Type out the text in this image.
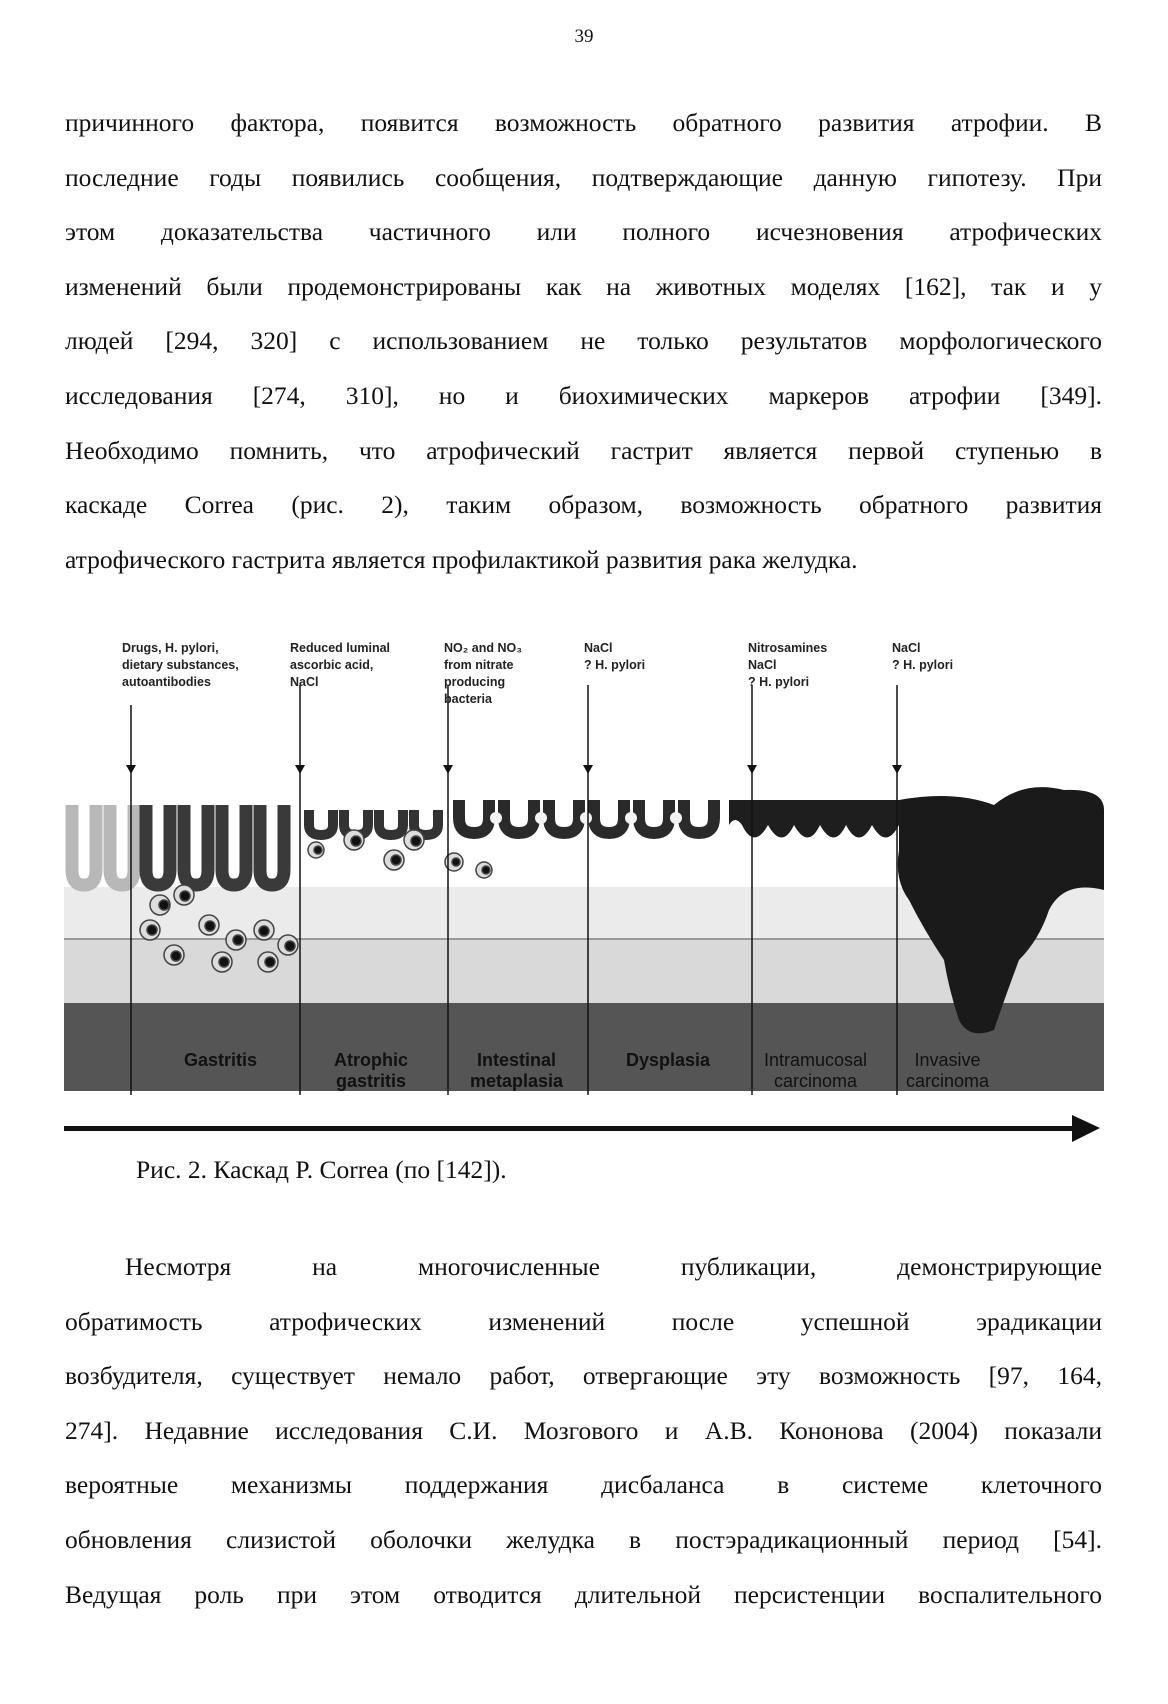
39
причинного фактора, появится возможность обратного развития атрофии. В
последние годы появились сообщения, подтверждающие данную гипотезу. При
этом доказательства частичного или полного исчезновения атрофических
изменений были продемонстрированы как на животных моделях [162], так и у
людей [294, 320] с использованием не только результатов морфологического
исследования [274, 310], но и биохимических маркеров атрофии [349].
Необходимо помнить, что атрофический гастрит является первой ступенью в
каскаде Correa (рис. 2), таким образом, возможность обратного развития
атрофического гастрита является профилактикой развития рака желудка.
Drugs, H. pylori,
dietary substances,
autoantibodies
Reduced luminal
ascorbic acid,
NaCl
NO₂ and NO₃
from nitrate
producing
bacteria
NaCl
? H. pylori
Nitrosamines
NaCl
? H. pylori
NaCl
? H. pylori
Normal	Gastritis	Atrophic
gastritis
Intestinal
metaplasia
Dysplasia	Intramucosal
carcinoma
Invasive
carcinoma
Рис. 2. Каскад P. Correa (по [142]).
Несмотря на многочисленные публикации, демонстрирующие
обратимость атрофических изменений после успешной эрадикации
возбудителя, существует немало работ, отвергающие эту возможность [97, 164,
274]. Недавние исследования С.И. Мозгового и А.В. Кононова (2004) показали
вероятные механизмы поддержания дисбаланса в системе клеточного
обновления слизистой оболочки желудка в постэрадикационный период [54].
Ведущая роль при этом отводится длительной персистенции воспалительного
